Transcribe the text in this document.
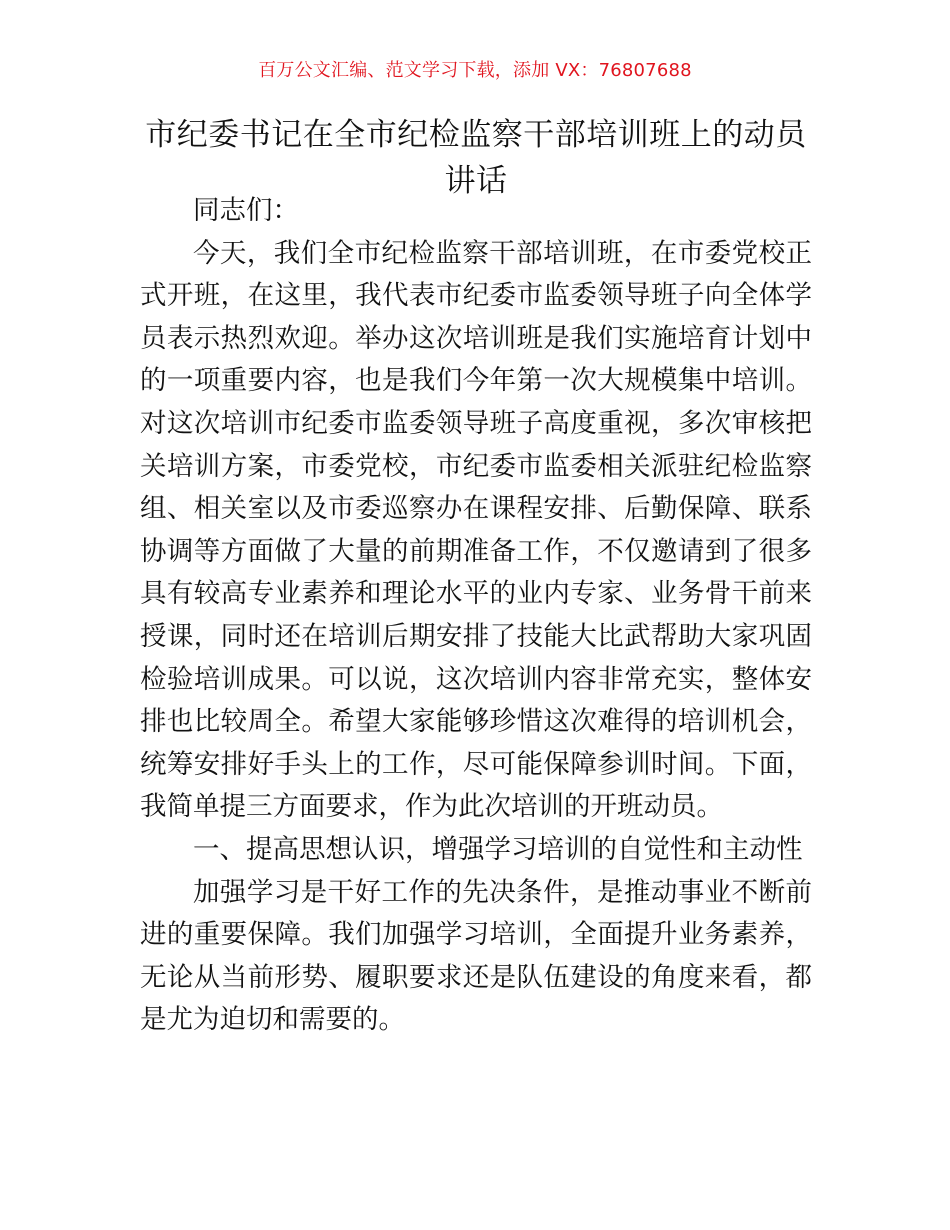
百万公文汇编、范文学习下载，添加 VX：76807688
市纪委书记在全市纪检监察干部培训班上的动员讲话

同志们：

今天，我们全市纪检监察干部培训班，在市委党校正式开班，在这里，我代表市纪委市监委领导班子向全体学员表示热烈欢迎。举办这次培训班是我们实施培育计划中的一项重要内容，也是我们今年第一次大规模集中培训。对这次培训市纪委市监委领导班子高度重视，多次审核把关培训方案，市委党校，市纪委市监委相关派驻纪检监察组、相关室以及市委巡察办在课程安排、后勤保障、联系协调等方面做了大量的前期准备工作，不仅邀请到了很多具有较高专业素养和理论水平的业内专家、业务骨干前来授课，同时还在培训后期安排了技能大比武帮助大家巩固检验培训成果。可以说，这次培训内容非常充实，整体安排也比较周全。希望大家能够珍惜这次难得的培训机会，统筹安排好手头上的工作，尽可能保障参训时间。下面，我简单提三方面要求，作为此次培训的开班动员。

一、提高思想认识，增强学习培训的自觉性和主动性

加强学习是干好工作的先决条件，是推动事业不断前进的重要保障。我们加强学习培训，全面提升业务素养，无论从当前形势、履职要求还是队伍建设的角度来看，都是尤为迫切和需要的。
